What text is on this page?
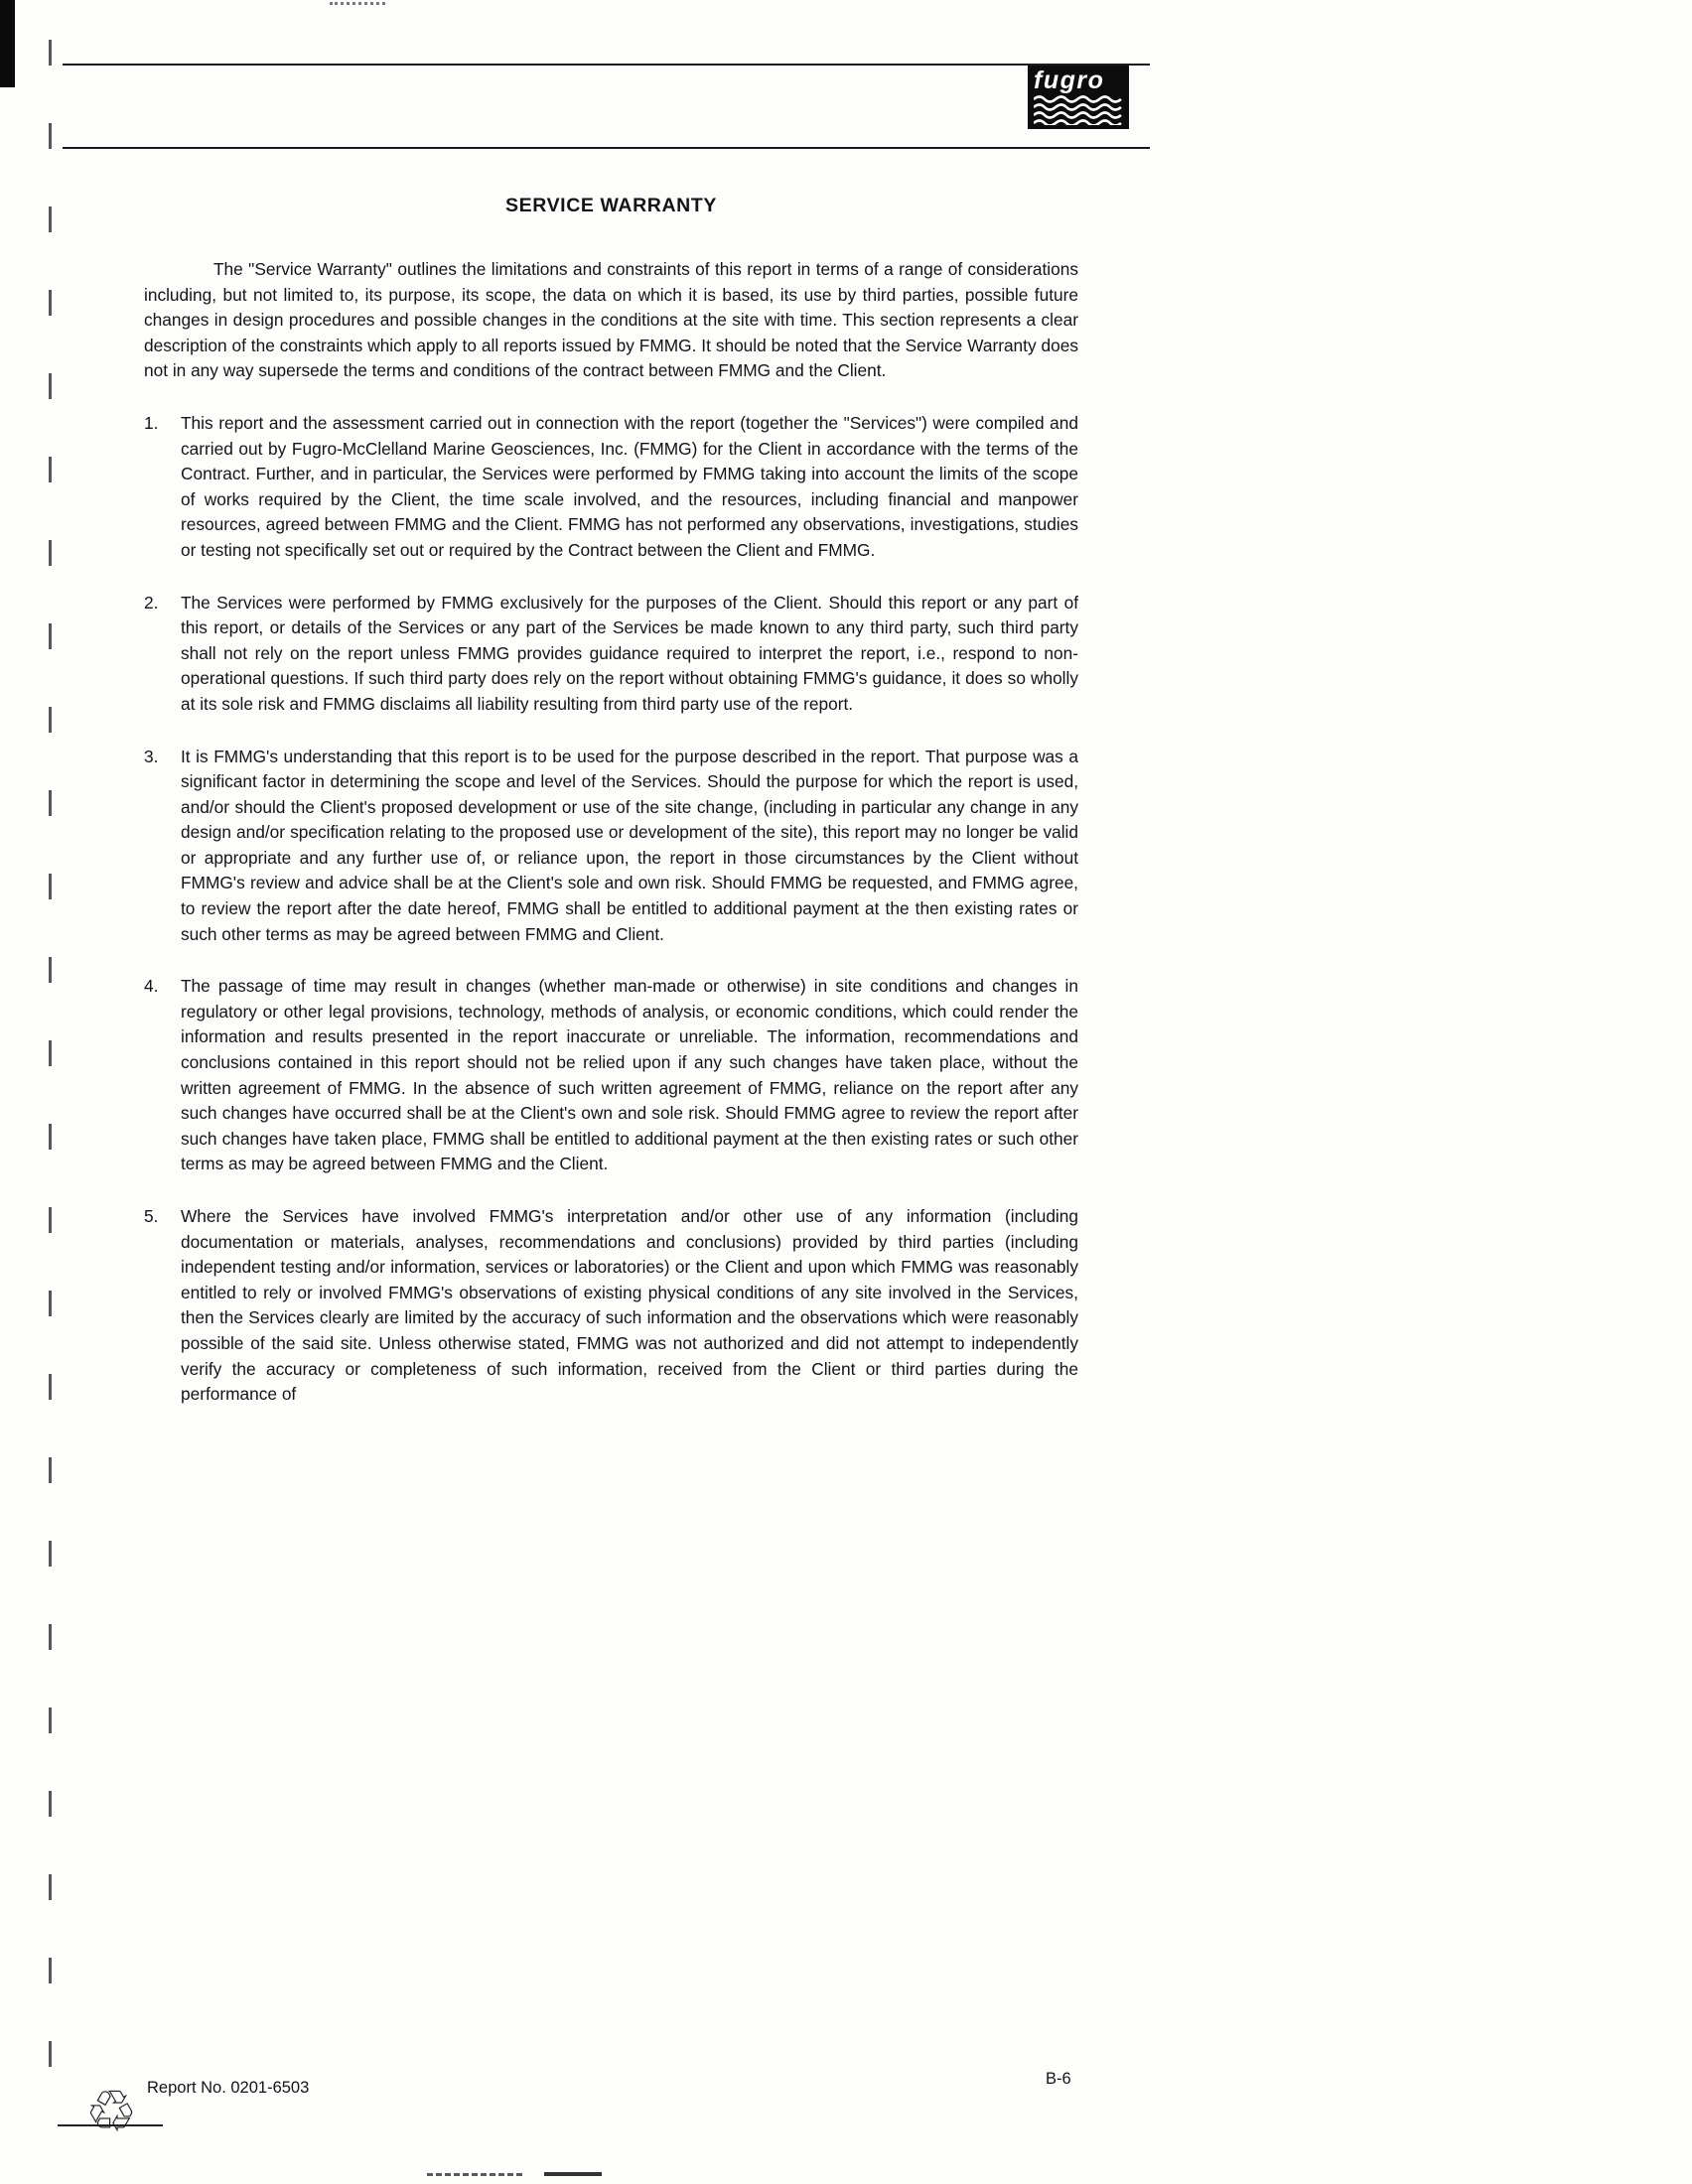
fugro
SERVICE WARRANTY

The "Service Warranty" outlines the limitations and constraints of this report in terms of a range of considerations including, but not limited to, its purpose, its scope, the data on which it is based, its use by third parties, possible future changes in design procedures and possible changes in the conditions at the site with time. This section represents a clear description of the constraints which apply to all reports issued by FMMG. It should be noted that the Service Warranty does not in any way supersede the terms and conditions of the contract between FMMG and the Client.

1.	This report and the assessment carried out in connection with the report (together the "Services") were compiled and carried out by Fugro-McClelland Marine Geosciences, Inc. (FMMG) for the Client in accordance with the terms of the Contract. Further, and in particular, the Services were performed by FMMG taking into account the limits of the scope of works required by the Client, the time scale involved, and the resources, including financial and manpower resources, agreed between FMMG and the Client. FMMG has not performed any observations, investigations, studies or testing not specifically set out or required by the Contract between the Client and FMMG.
2.	The Services were performed by FMMG exclusively for the purposes of the Client. Should this report or any part of this report, or details of the Services or any part of the Services be made known to any third party, such third party shall not rely on the report unless FMMG provides guidance required to interpret the report, i.e., respond to non-operational questions. If such third party does rely on the report without obtaining FMMG's guidance, it does so wholly at its sole risk and FMMG disclaims all liability resulting from third party use of the report.
3.	It is FMMG's understanding that this report is to be used for the purpose described in the report. That purpose was a significant factor in determining the scope and level of the Services. Should the purpose for which the report is used, and/or should the Client's proposed development or use of the site change, (including in particular any change in any design and/or specification relating to the proposed use or development of the site), this report may no longer be valid or appropriate and any further use of, or reliance upon, the report in those circumstances by the Client without FMMG's review and advice shall be at the Client's sole and own risk. Should FMMG be requested, and FMMG agree, to review the report after the date hereof, FMMG shall be entitled to additional payment at the then existing rates or such other terms as may be agreed between FMMG and Client.
4.	The passage of time may result in changes (whether man-made or otherwise) in site conditions and changes in regulatory or other legal provisions, technology, methods of analysis, or economic conditions, which could render the information and results presented in the report inaccurate or unreliable. The information, recommendations and conclusions contained in this report should not be relied upon if any such changes have taken place, without the written agreement of FMMG. In the absence of such written agreement of FMMG, reliance on the report after any such changes have occurred shall be at the Client's own and sole risk. Should FMMG agree to review the report after such changes have taken place, FMMG shall be entitled to additional payment at the then existing rates or such other terms as may be agreed between FMMG and the Client.
5.	Where the Services have involved FMMG's interpretation and/or other use of any information (including documentation or materials, analyses, recommendations and conclusions) provided by third parties (including independent testing and/or information, services or laboratories) or the Client and upon which FMMG was reasonably entitled to rely or involved FMMG's observations of existing physical conditions of any site involved in the Services, then the Services clearly are limited by the accuracy of such information and the observations which were reasonably possible of the said site. Unless otherwise stated, FMMG was not authorized and did not attempt to independently verify the accuracy or completeness of such information, received from the Client or third parties during the performance of
♲ Report No. 0201-6503	B-6
